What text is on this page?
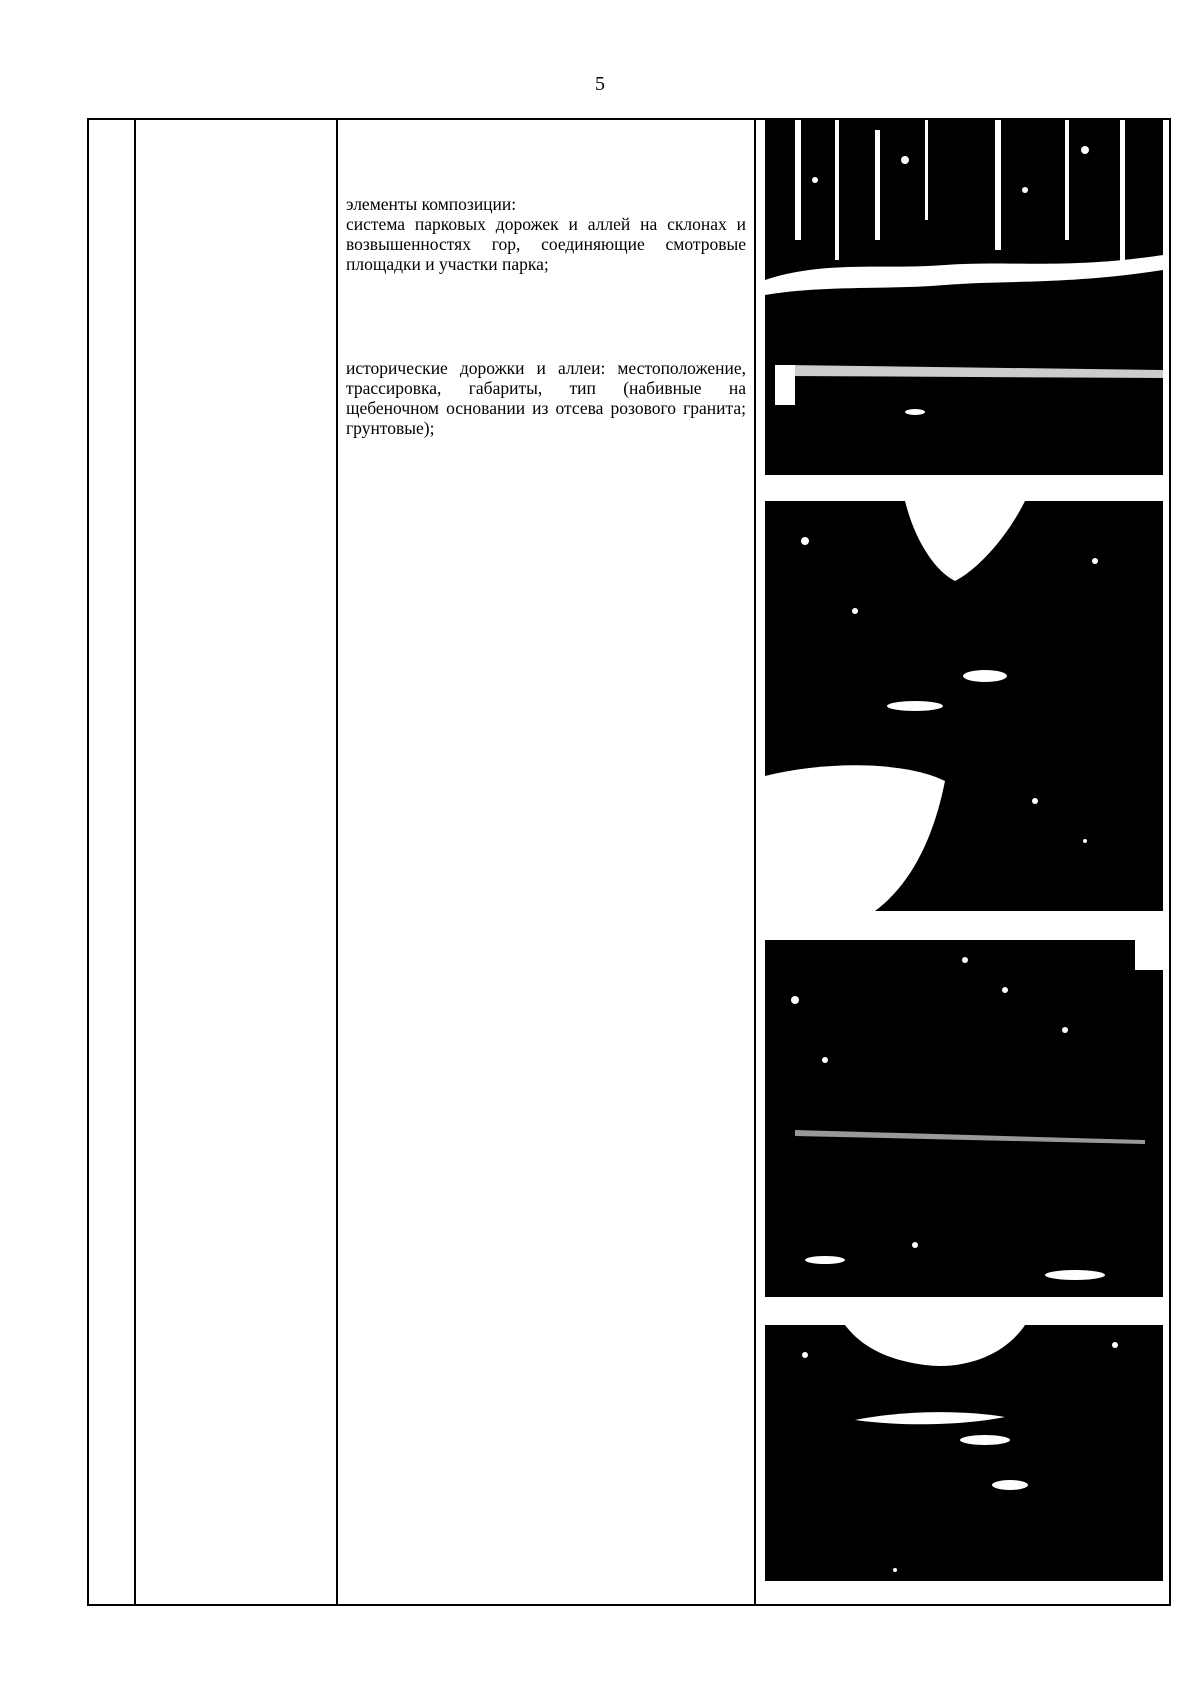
5

элементы композиции:

система парковых дорожек и аллей на склонах и возвышенностях гор, соединяющие смотровые площадки и участки парка;

исторические дорожки и аллеи: местоположение, трассировка, габариты, тип (набивные на щебеночном основании из отсева розового гранита; грунтовые);
